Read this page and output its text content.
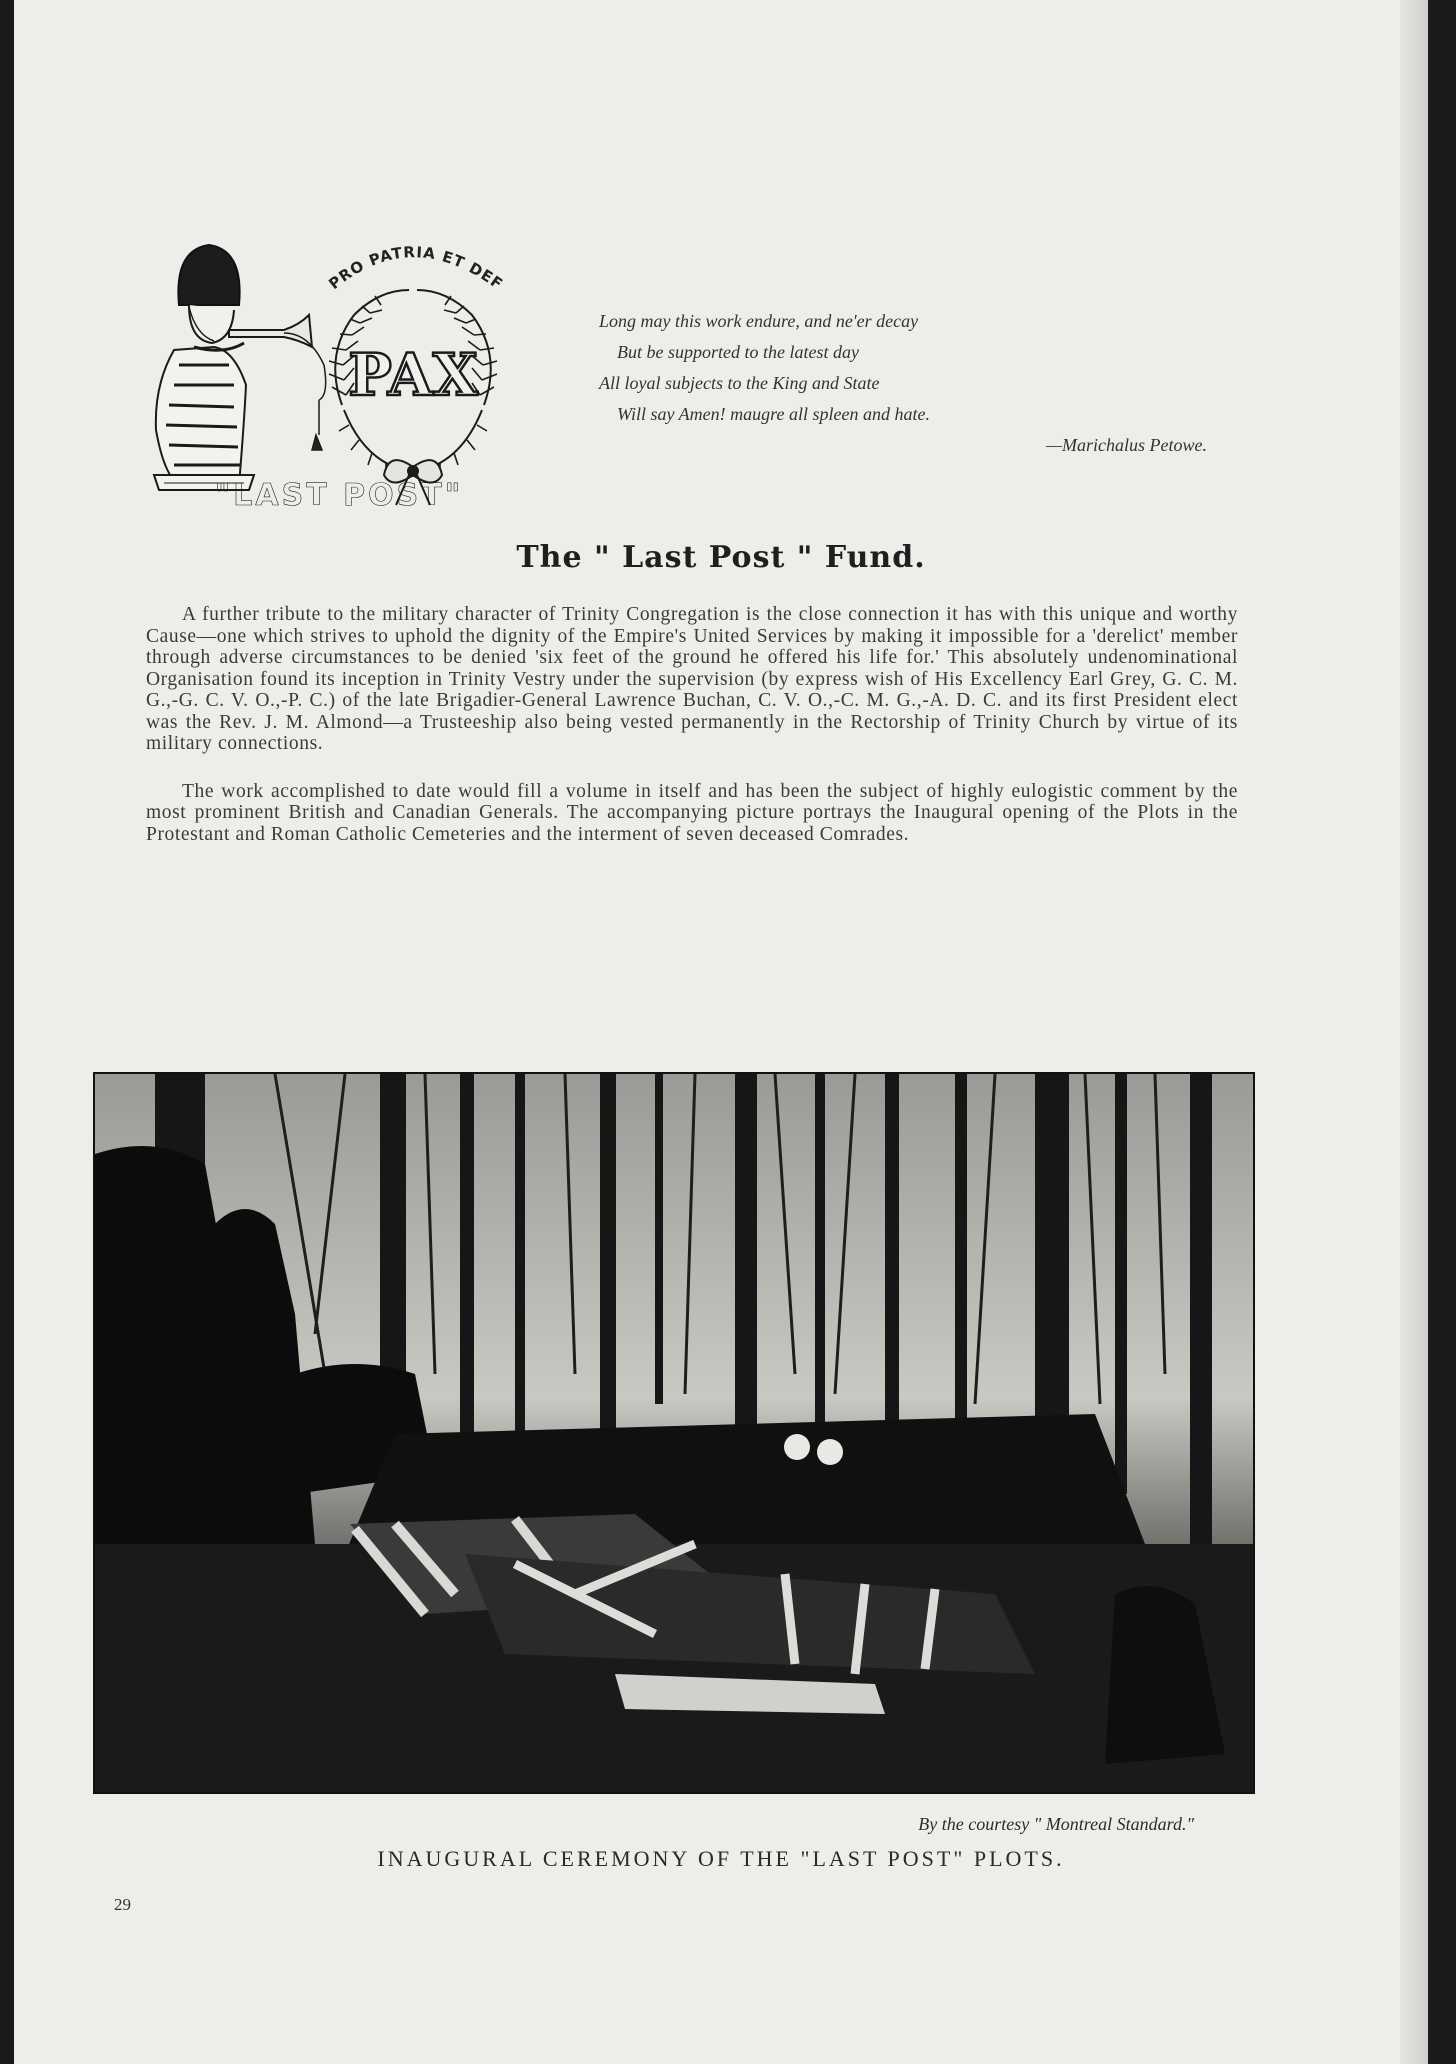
PRO PATRIA ET DEF
PAX
"LAST POST"
Long may this work endure, and ne'er decay
But be supported to the latest day
All loyal subjects to the King and State
Will say Amen! maugre all spleen and hate.
—Marichalus Petowe.
The " Last Post " Fund.

A further tribute to the military character of Trinity Congregation is the close connection it has with this unique and worthy Cause—one which strives to uphold the dignity of the Empire's United Services by making it impossible for a 'derelict' member through adverse circumstances to be denied 'six feet of the ground he offered his life for.' This absolutely undenominational Organisation found its inception in Trinity Vestry under the supervision (by express wish of His Excellency Earl Grey, G. C. M. G.,-G. C. V. O.,-P. C.) of the late Brigadier-General Lawrence Buchan, C. V. O.,-C. M. G.,-A. D. C. and its first President elect was the Rev. J. M. Almond—a Trusteeship also being vested permanently in the Rectorship of Trinity Church by virtue of its military connections.

The work accomplished to date would fill a volume in itself and has been the subject of highly eulogistic comment by the most prominent British and Canadian Generals. The accompanying picture portrays the Inaugural opening of the Plots in the Protestant and Roman Catholic Cemeteries and the interment of seven deceased Comrades.

By the courtesy " Montreal Standard."
INAUGURAL CEREMONY OF THE "LAST POST" PLOTS.
29
